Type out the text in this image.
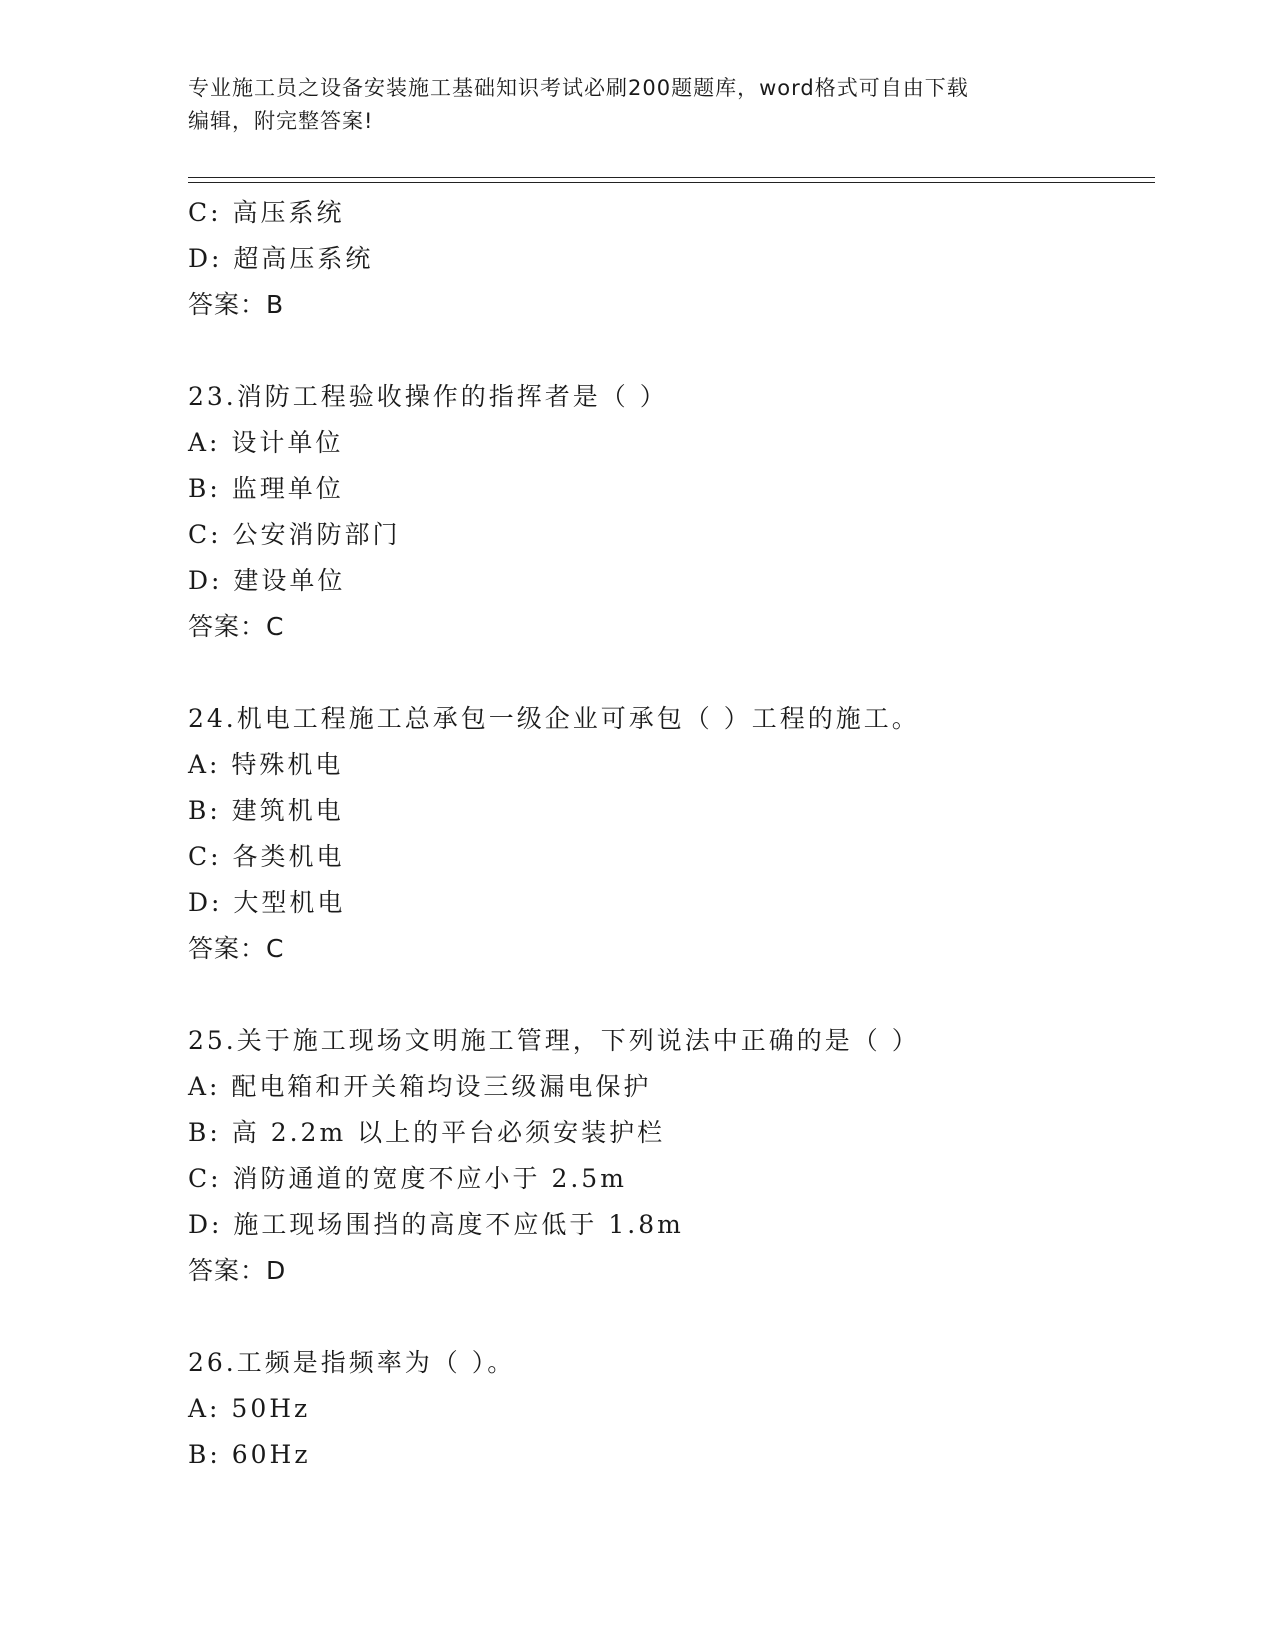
专业施工员之设备安装施工基础知识考试必刷200题题库，word格式可自由下载
编辑，附完整答案!
C: 高压系统
D: 超高压系统
答案：B
23.消防工程验收操作的指挥者是（ ）
A: 设计单位
B: 监理单位
C: 公安消防部门
D: 建设单位
答案：C
24.机电工程施工总承包一级企业可承包（ ）工程的施工。
A: 特殊机电
B: 建筑机电
C: 各类机电
D: 大型机电
答案：C
25.关于施工现场文明施工管理，下列说法中正确的是（ ）
A: 配电箱和开关箱均设三级漏电保护
B: 高 2.2m 以上的平台必须安装护栏
C: 消防通道的宽度不应小于 2.5m
D: 施工现场围挡的高度不应低于 1.8m
答案：D
26.工频是指频率为（ ）。
A: 50Hz
B: 60Hz
